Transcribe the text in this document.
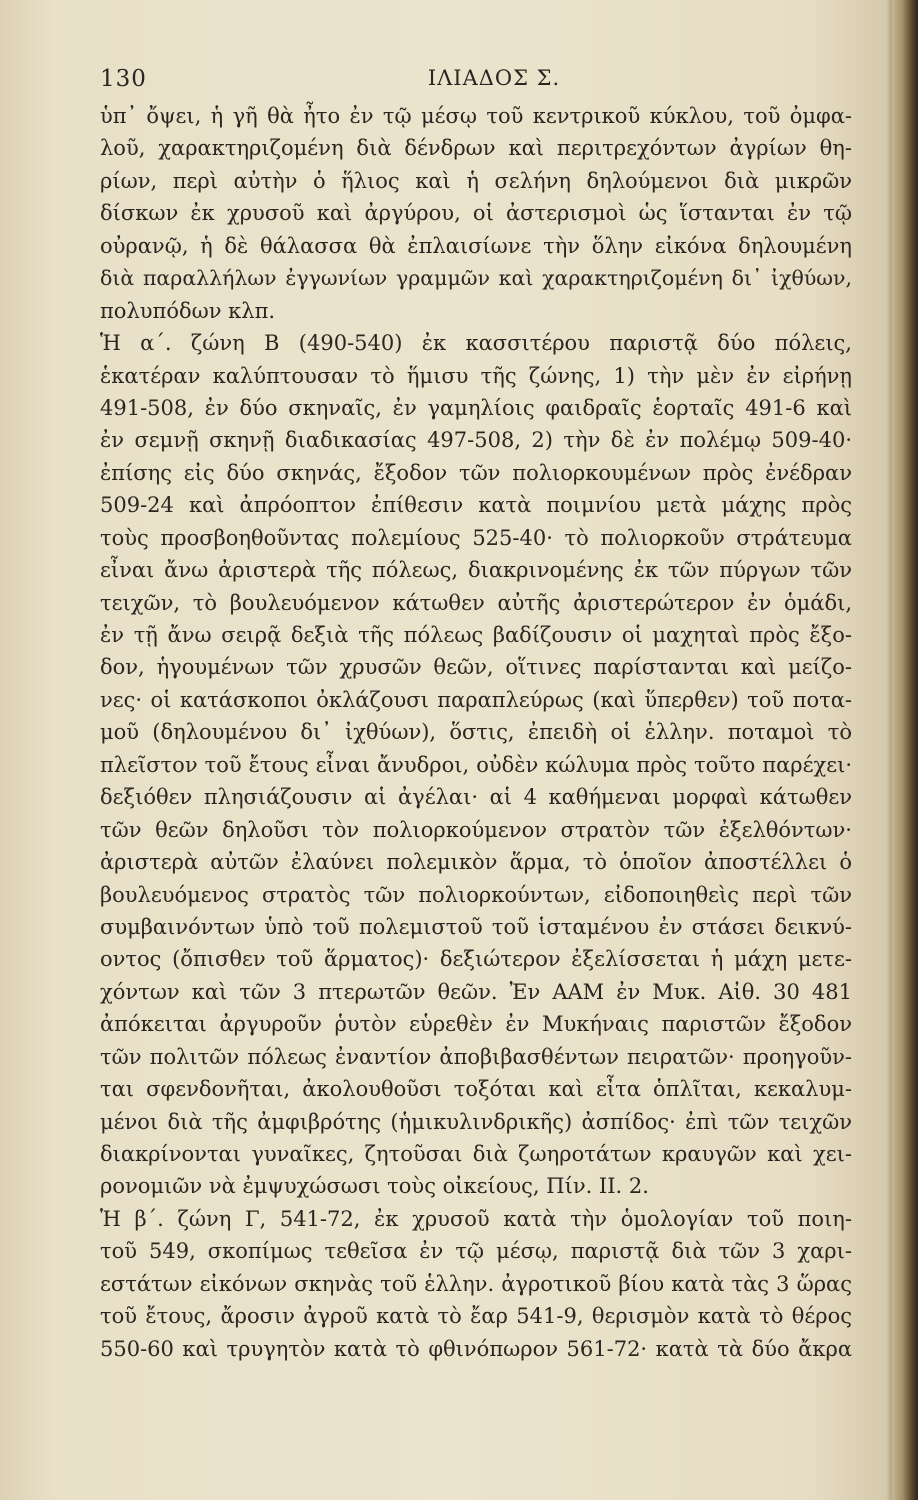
130	ΙΛΙΑΔΟΣ Σ.
ὑπ᾽ ὄψει, ἡ γῆ θὰ ἦτο ἐν τῷ μέσῳ τοῦ κεντρικοῦ κύκλου, τοῦ ὀμφα-
λοῦ, χαρακτηριζομένη διὰ δένδρων καὶ περιτρεχόντων ἀγρίων θη-
ρίων, περὶ αὐτὴν ὁ ἥλιος καὶ ἡ σελήνη δηλούμενοι διὰ μικρῶν
δίσκων ἐκ χρυσοῦ καὶ ἀργύρου, οἱ ἀστερισμοὶ ὡς ἵστανται ἐν τῷ
οὐρανῷ, ἡ δὲ θάλασσα θὰ ἐπλαισίωνε τὴν ὅλην εἰκόνα δηλουμένη
διὰ παραλλήλων ἐγγωνίων γραμμῶν καὶ χαρακτηριζομένη δι᾽ ἰχθύων,
πολυπόδων κλπ.
Ἡ α΄. ζώνη Β (490-540) ἐκ κασσιτέρου παριστᾷ δύο πόλεις,
ἑκατέραν καλύπτουσαν τὸ ἥμισυ τῆς ζώνης, 1) τὴν μὲν ἐν εἰρήνῃ
491-508, ἐν δύο σκηναῖς, ἐν γαμηλίοις φαιδραῖς ἑορταῖς 491-6 καὶ
ἐν σεμνῇ σκηνῇ διαδικασίας 497-508, 2) τὴν δὲ ἐν πολέμῳ 509-40·
ἐπίσης εἰς δύο σκηνάς, ἔξοδον τῶν πολιορκουμένων πρὸς ἐνέδραν
509-24 καὶ ἀπρόοπτον ἐπίθεσιν κατὰ ποιμνίου μετὰ μάχης πρὸς
τοὺς προσβοηθοῦντας πολεμίους 525-40· τὸ πολιορκοῦν στράτευμα
εἶναι ἄνω ἀριστερὰ τῆς πόλεως, διακρινομένης ἐκ τῶν πύργων τῶν
τειχῶν, τὸ βουλευόμενον κάτωθεν αὐτῆς ἀριστερώτερον ἐν ὁμάδι,
ἐν τῇ ἄνω σειρᾷ δεξιὰ τῆς πόλεως βαδίζουσιν οἱ μαχηταὶ πρὸς ἔξο-
δον, ἡγουμένων τῶν χρυσῶν θεῶν, οἵτινες παρίστανται καὶ μείζο-
νες· οἱ κατάσκοποι ὀκλάζουσι παραπλεύρως (καὶ ὕπερθεν) τοῦ ποτα-
μοῦ (δηλουμένου δι᾽ ἰχθύων), ὅστις, ἐπειδὴ οἱ ἑλλην. ποταμοὶ τὸ
πλεῖστον τοῦ ἔτους εἶναι ἄνυδροι, οὐδὲν κώλυμα πρὸς τοῦτο παρέχει·
δεξιόθεν πλησιάζουσιν αἱ ἀγέλαι· αἱ 4 καθήμεναι μορφαὶ κάτωθεν
τῶν θεῶν δηλοῦσι τὸν πολιορκούμενον στρατὸν τῶν ἐξελθόντων·
ἀριστερὰ αὐτῶν ἐλαύνει πολεμικὸν ἅρμα, τὸ ὁποῖον ἀποστέλλει ὁ
βουλευόμενος στρατὸς τῶν πολιορκούντων, εἰδοποιηθεὶς περὶ τῶν
συμβαινόντων ὑπὸ τοῦ πολεμιστοῦ τοῦ ἱσταμένου ἐν στάσει δεικνύ-
οντος (ὄπισθεν τοῦ ἅρματος)· δεξιώτερον ἐξελίσσεται ἡ μάχη μετε-
χόντων καὶ τῶν 3 πτερωτῶν θεῶν. Ἐν ΑΑΜ ἐν Μυκ. Αἰθ. 30 481
ἀπόκειται ἀργυροῦν ῥυτὸν εὑρεθὲν ἐν Μυκήναις παριστῶν ἔξοδον
τῶν πολιτῶν πόλεως ἐναντίον ἀποβιβασθέντων πειρατῶν· προηγοῦν-
ται σφενδονῆται, ἀκολουθοῦσι τοξόται καὶ εἶτα ὁπλῖται, κεκαλυμ-
μένοι διὰ τῆς ἀμφιβρότης (ἡμικυλινδρικῆς) ἀσπίδος· ἐπὶ τῶν τειχῶν
διακρίνονται γυναῖκες, ζητοῦσαι διὰ ζωηροτάτων κραυγῶν καὶ χει-
ρονομιῶν νὰ ἐμψυχώσωσι τοὺς οἰκείους, Πίν. ΙΙ. 2.
Ἡ β΄. ζώνη Γ, 541-72, ἐκ χρυσοῦ κατὰ τὴν ὁμολογίαν τοῦ ποιη-
τοῦ 549, σκοπίμως τεθεῖσα ἐν τῷ μέσῳ, παριστᾷ διὰ τῶν 3 χαρι-
εστάτων εἰκόνων σκηνὰς τοῦ ἑλλην. ἀγροτικοῦ βίου κατὰ τὰς 3 ὥρας
τοῦ ἔτους, ἄροσιν ἀγροῦ κατὰ τὸ ἔαρ 541-9, θερισμὸν κατὰ τὸ θέρος
550-60 καὶ τρυγητὸν κατὰ τὸ φθινόπωρον 561-72· κατὰ τὰ δύο ἄκρα
